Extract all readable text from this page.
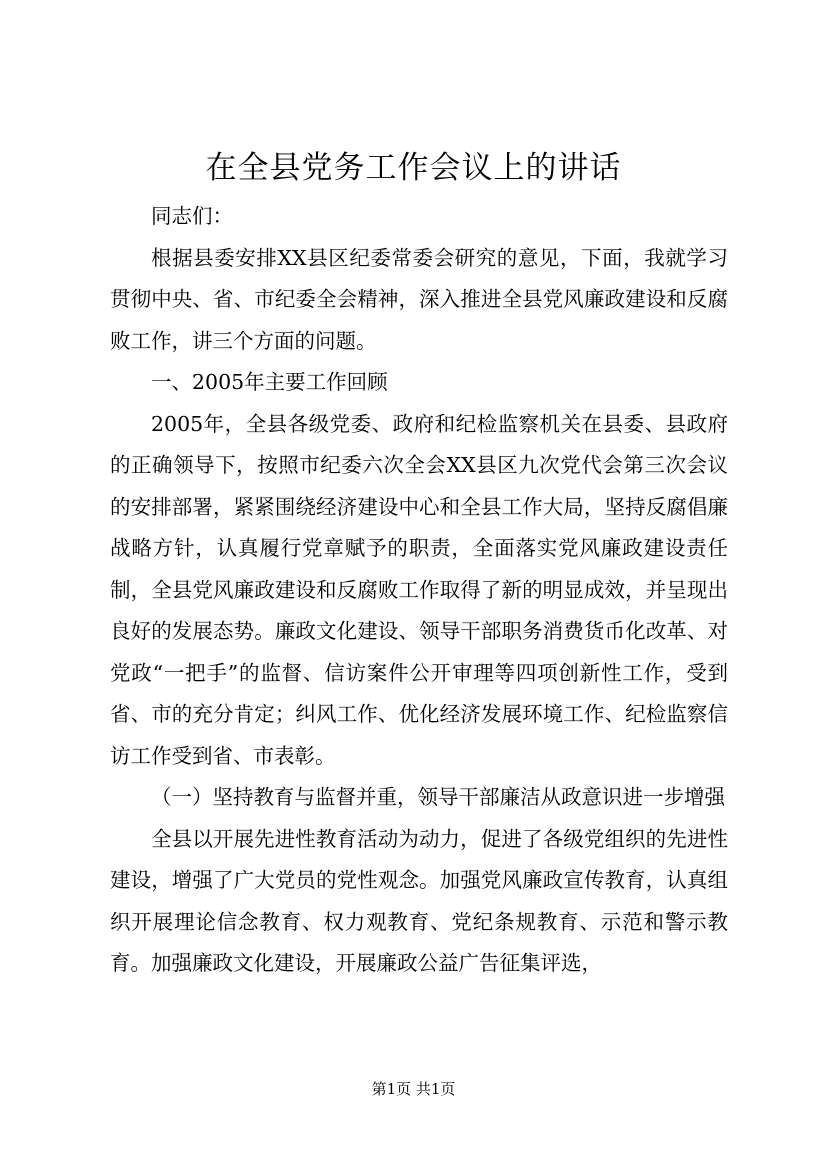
在全县党务工作会议上的讲话

同志们：

根据县委安排XX县区纪委常委会研究的意见，下面，我就学习贯彻中央、省、市纪委全会精神，深入推进全县党风廉政建设和反腐败工作，讲三个方面的问题。

一、2005年主要工作回顾

2005年，全县各级党委、政府和纪检监察机关在县委、县政府的正确领导下，按照市纪委六次全会XX县区九次党代会第三次会议的安排部署，紧紧围绕经济建设中心和全县工作大局，坚持反腐倡廉战略方针，认真履行党章赋予的职责，全面落实党风廉政建设责任制，全县党风廉政建设和反腐败工作取得了新的明显成效，并呈现出良好的发展态势。廉政文化建设、领导干部职务消费货币化改革、对党政“一把手”的监督、信访案件公开审理等四项创新性工作，受到省、市的充分肯定；纠风工作、优化经济发展环境工作、纪检监察信访工作受到省、市表彰。

（一）坚持教育与监督并重，领导干部廉洁从政意识进一步增强

全县以开展先进性教育活动为动力，促进了各级党组织的先进性建设，增强了广大党员的党性观念。加强党风廉政宣传教育，认真组织开展理论信念教育、权力观教育、党纪条规教育、示范和警示教育。加强廉政文化建设，开展廉政公益广告征集评选，

第1页 共1页
